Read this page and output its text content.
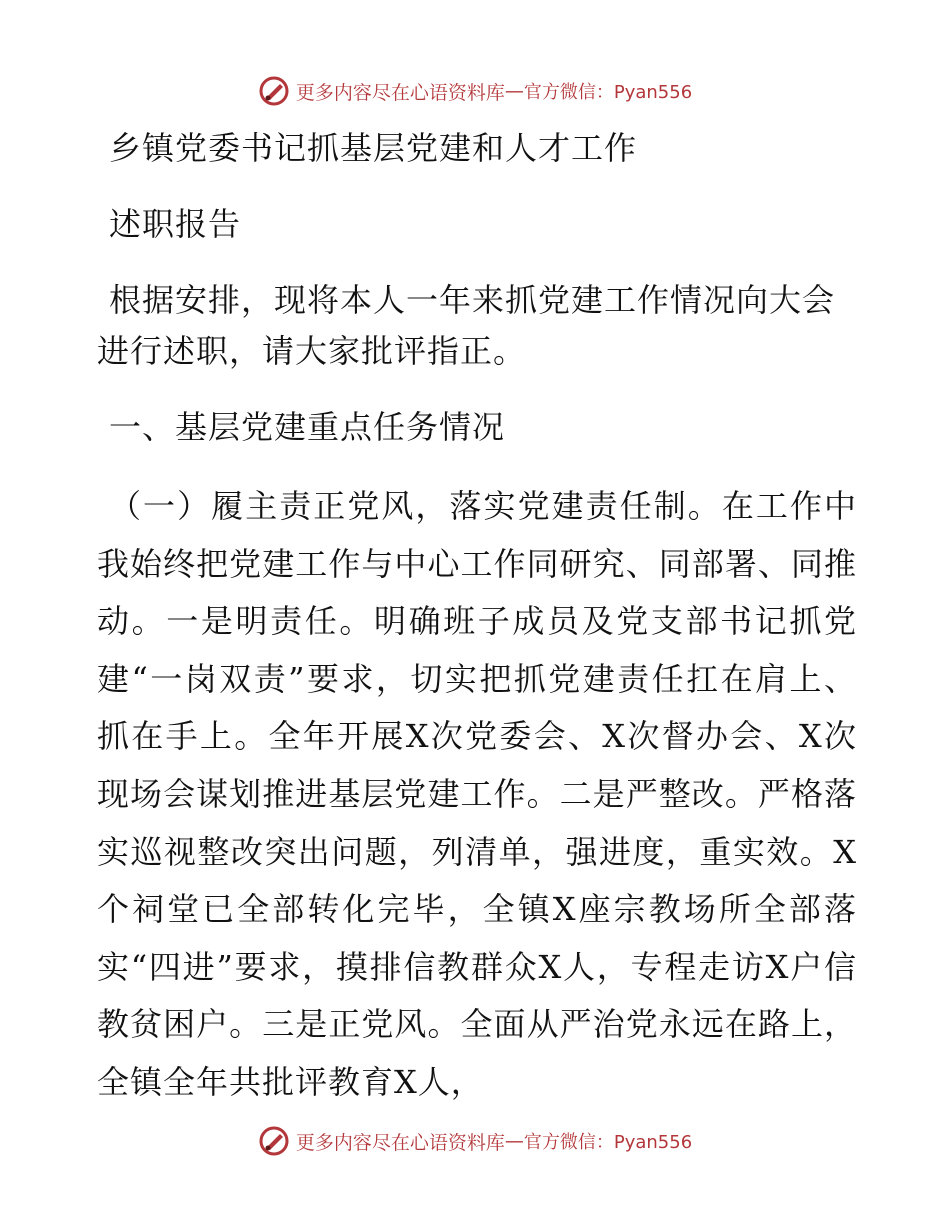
更多内容尽在心语资料库 — 官方微信：Pyan556

乡镇党委书记抓基层党建和人才工作

述职报告

根据安排，现将本人一年来抓党建工作情况向大会进行述职，请大家批评指正。

一、基层党建重点任务情况

（一）履主责正党风，落实党建责任制。在工作中我始终把党建工作与中心工作同研究、同部署、同推动。一是明责任。明确班子成员及党支部书记抓党建“一岗双责”要求，切实把抓党建责任扛在肩上、抓在手上。全年开展X次党委会、X次督办会、X次现场会谋划推进基层党建工作。二是严整改。严格落实巡视整改突出问题，列清单，强进度，重实效。X个祠堂已全部转化完毕，全镇X座宗教场所全部落实“四进”要求，摸排信教群众X人，专程走访X户信教贫困户。三是正党风。全面从严治党永远在路上，全镇全年共批评教育X人，

更多内容尽在心语资料库 — 官方微信：Pyan556
